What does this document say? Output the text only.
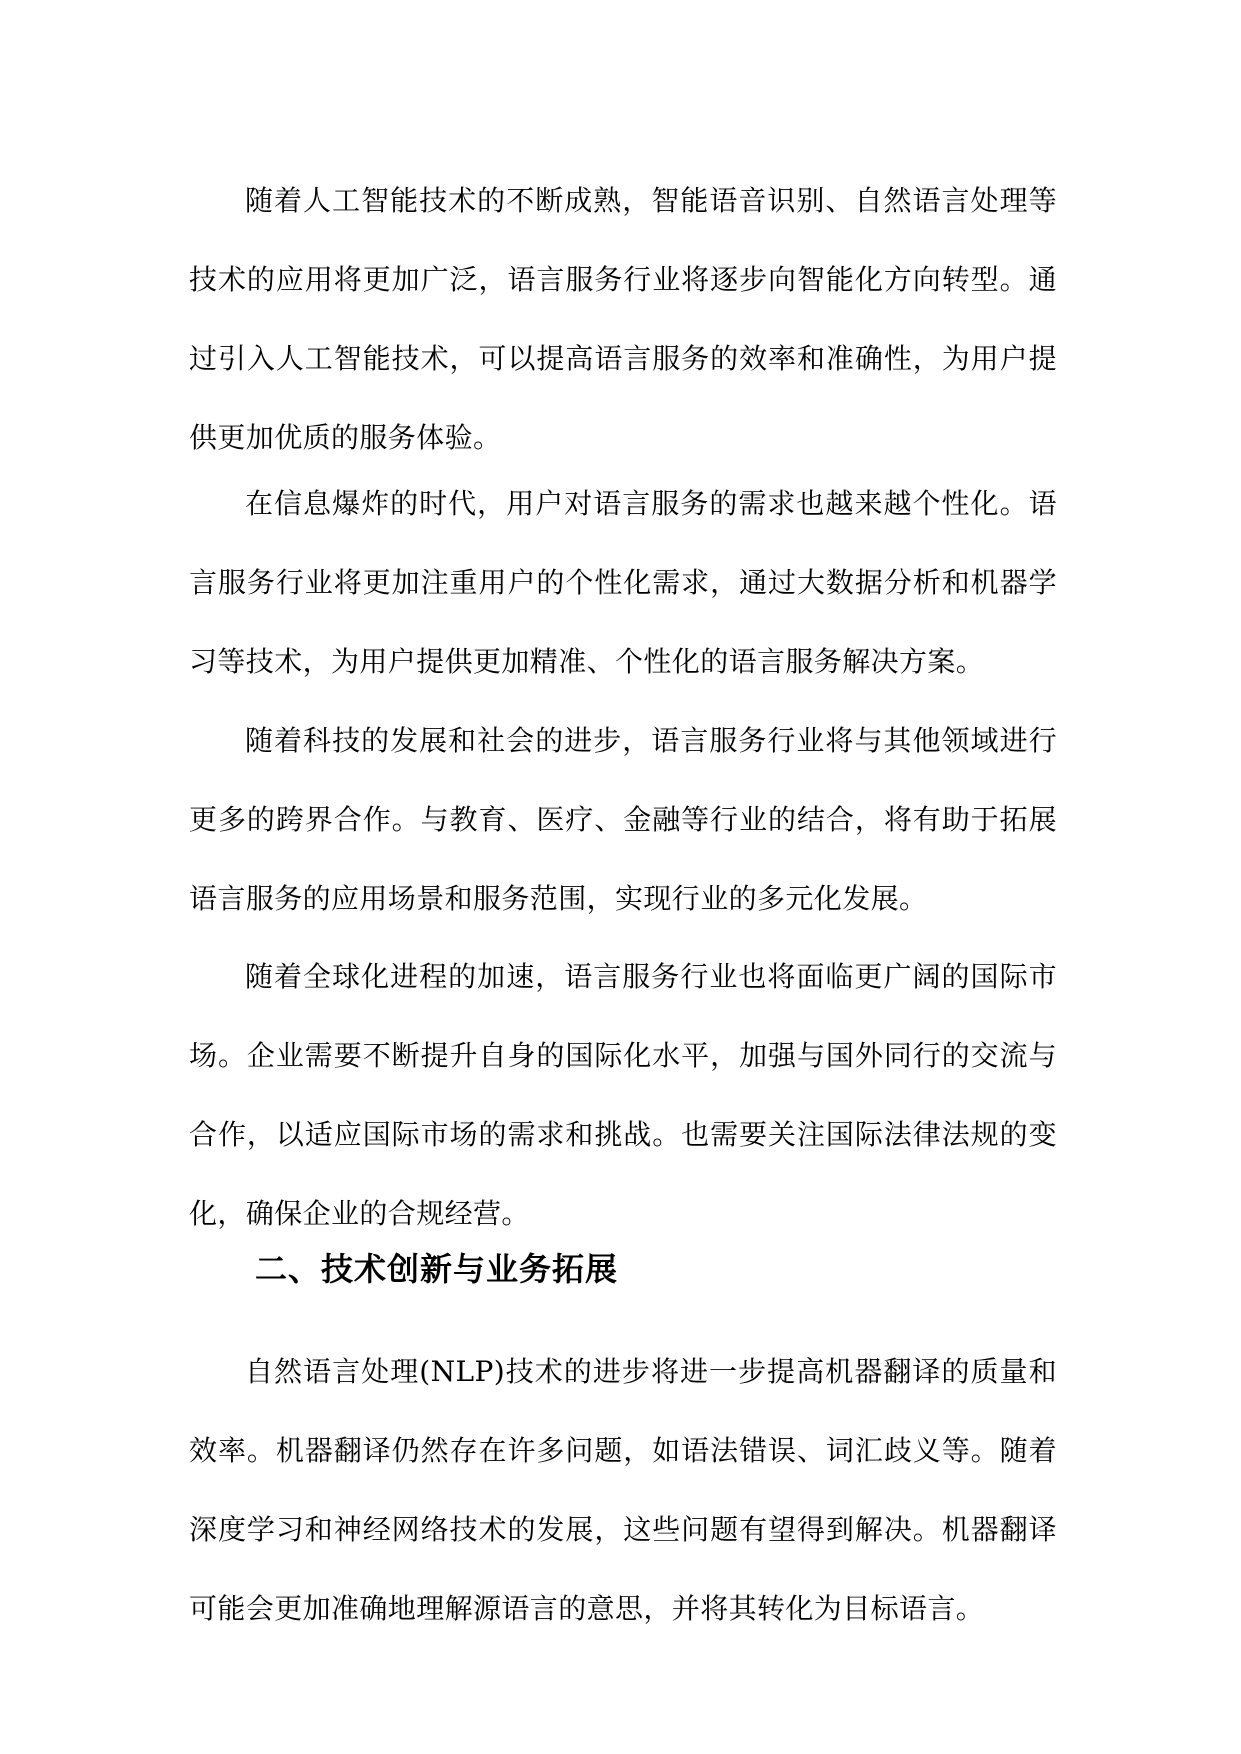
随着人工智能技术的不断成熟，智能语音识别、自然语言处理等技术的应用将更加广泛，语言服务行业将逐步向智能化方向转型。通过引入人工智能技术，可以提高语言服务的效率和准确性，为用户提供更加优质的服务体验。

在信息爆炸的时代，用户对语言服务的需求也越来越个性化。语言服务行业将更加注重用户的个性化需求，通过大数据分析和机器学习等技术，为用户提供更加精准、个性化的语言服务解决方案。

随着科技的发展和社会的进步，语言服务行业将与其他领域进行更多的跨界合作。与教育、医疗、金融等行业的结合，将有助于拓展语言服务的应用场景和服务范围，实现行业的多元化发展。

随着全球化进程的加速，语言服务行业也将面临更广阔的国际市场。企业需要不断提升自身的国际化水平，加强与国外同行的交流与合作，以适应国际市场的需求和挑战。也需要关注国际法律法规的变化，确保企业的合规经营。

二、技术创新与业务拓展

自然语言处理(NLP)技术的进步将进一步提高机器翻译的质量和效率。机器翻译仍然存在许多问题，如语法错误、词汇歧义等。随着深度学习和神经网络技术的发展，这些问题有望得到解决。机器翻译可能会更加准确地理解源语言的意思，并将其转化为目标语言。
